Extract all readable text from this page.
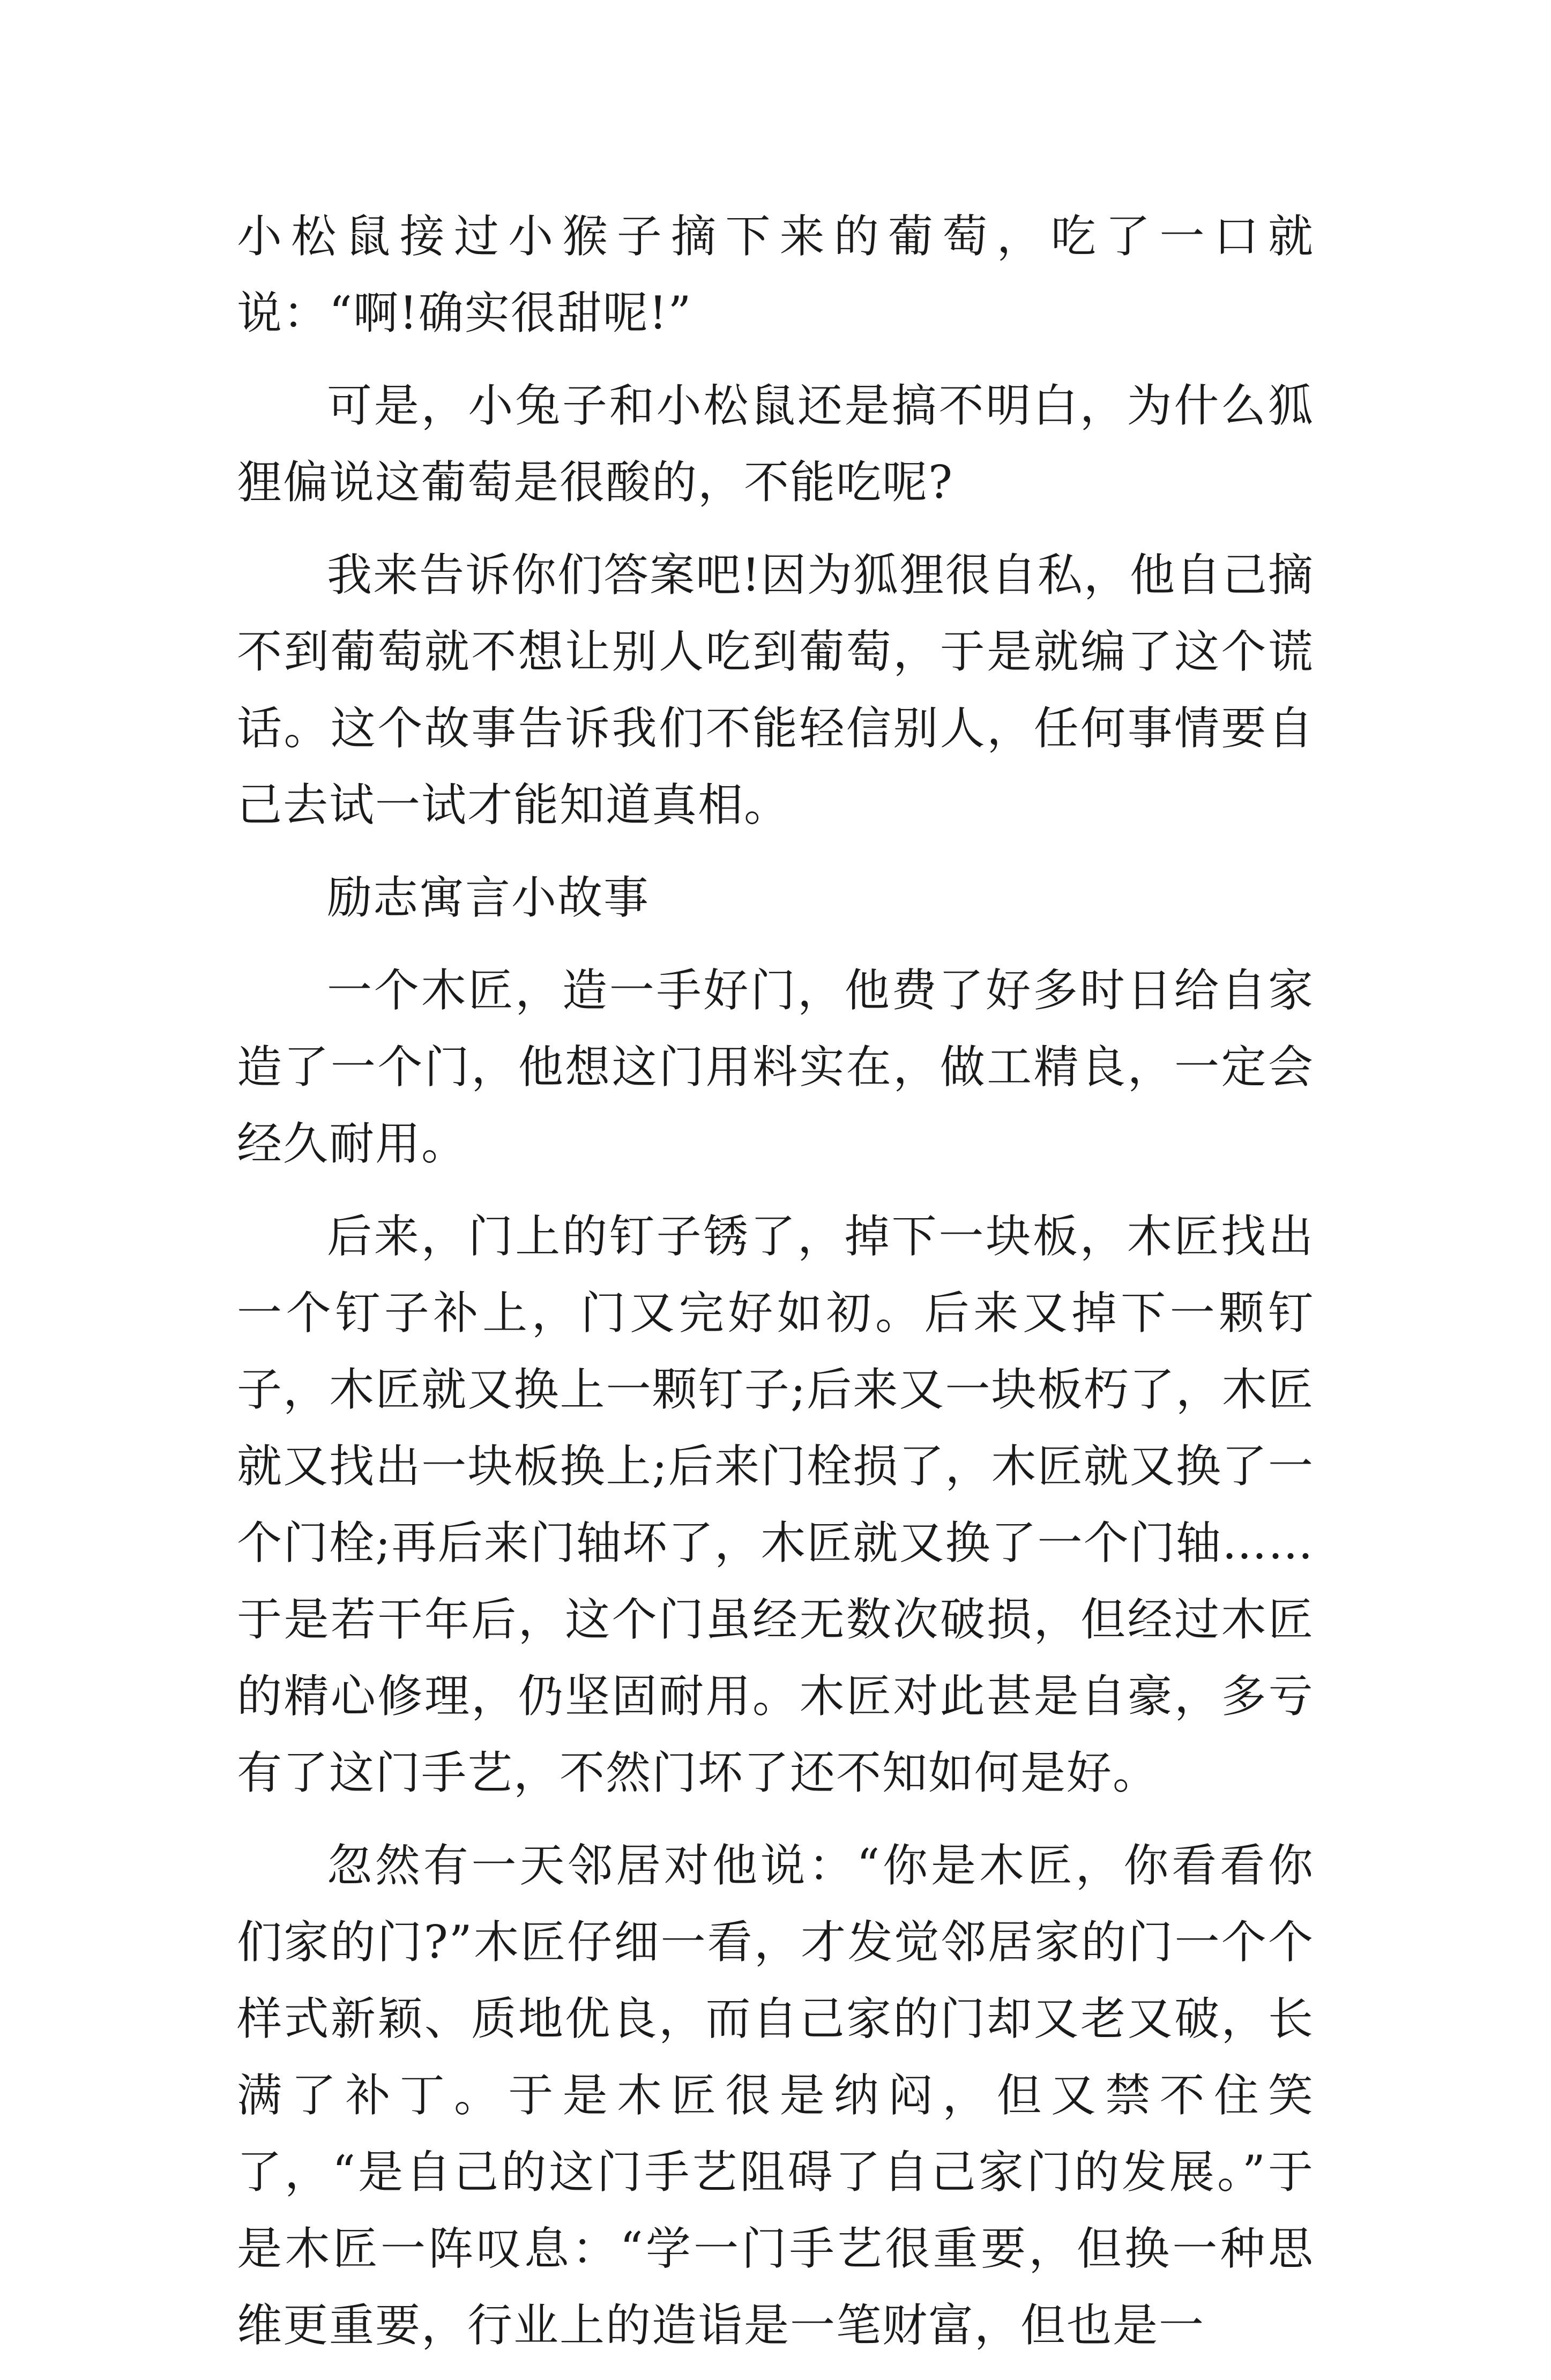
小松鼠接过小猴子摘下来的葡萄，吃了一口就说：“啊!确实很甜呢!”

可是，小兔子和小松鼠还是搞不明白，为什么狐狸偏说这葡萄是很酸的，不能吃呢?

我来告诉你们答案吧!因为狐狸很自私，他自己摘不到葡萄就不想让别人吃到葡萄，于是就编了这个谎话。这个故事告诉我们不能轻信别人，任何事情要自己去试一试才能知道真相。

励志寓言小故事

一个木匠，造一手好门，他费了好多时日给自家造了一个门，他想这门用料实在，做工精良，一定会经久耐用。

后来，门上的钉子锈了，掉下一块板，木匠找出一个钉子补上，门又完好如初。后来又掉下一颗钉子，木匠就又换上一颗钉子;后来又一块板朽了，木匠就又找出一块板换上;后来门栓损了，木匠就又换了一个门栓;再后来门轴坏了，木匠就又换了一个门轴……于是若干年后，这个门虽经无数次破损，但经过木匠的精心修理，仍坚固耐用。木匠对此甚是自豪，多亏有了这门手艺，不然门坏了还不知如何是好。

忽然有一天邻居对他说：“你是木匠，你看看你们家的门?”木匠仔细一看，才发觉邻居家的门一个个样式新颖、质地优良，而自己家的门却又老又破，长满了补丁。于是木匠很是纳闷，但又禁不住笑了，“是自己的这门手艺阻碍了自己家门的发展。”于是木匠一阵叹息：“学一门手艺很重要，但换一种思维更重要，行业上的造诣是一笔财富，但也是一
